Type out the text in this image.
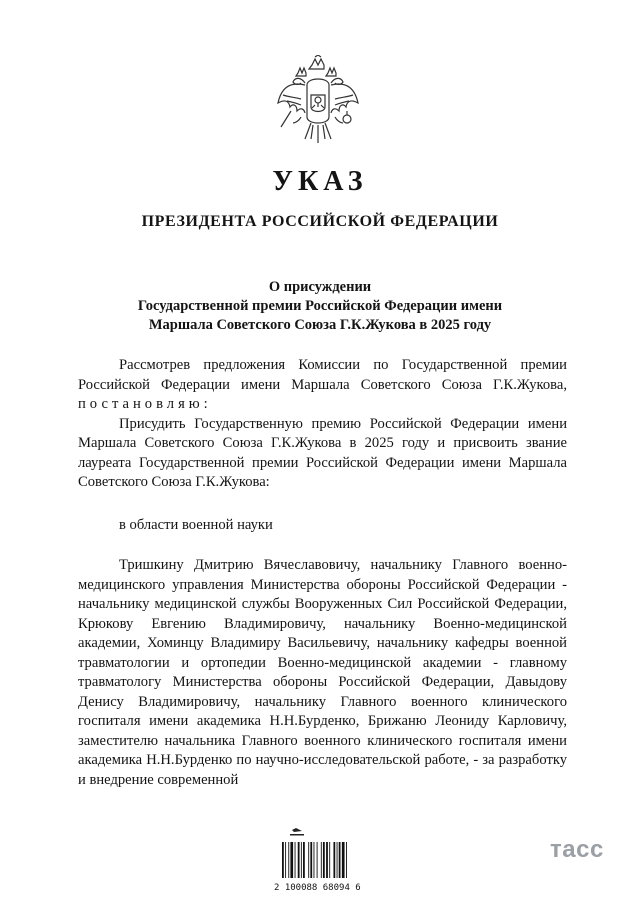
УКАЗ
ПРЕЗИДЕНТА РОССИЙСКОЙ ФЕДЕРАЦИИ
О присуждении
Государственной премии Российской Федерации имени
Маршала Советского Союза Г.К.Жукова в 2025 году

Рассмотрев предложения Комиссии по Государственной премии Российской Федерации имени Маршала Советского Союза Г.К.Жукова, постановляю:

Присудить Государственную премию Российской Федерации имени Маршала Советского Союза Г.К.Жукова в 2025 году и присвоить звание лауреата Государственной премии Российской Федерации имени Маршала Советского Союза Г.К.Жукова:

в области военной науки

Тришкину Дмитрию Вячеславовичу, начальнику Главного военно-медицинского управления Министерства обороны Российской Федерации - начальнику медицинской службы Вооруженных Сил Российской Федерации, Крюкову Евгению Владимировичу, начальнику Военно-медицинской академии, Хоминцу Владимиру Васильевичу, начальнику кафедры военной травматологии и ортопедии Военно-медицинской академии - главному травматологу Министерства обороны Российской Федерации, Давыдову Денису Владимировичу, начальнику Главного военного клинического госпиталя имени академика Н.Н.Бурденко, Брижаню Леониду Карловичу, заместителю начальника Главного военного клинического госпиталя имени академика Н.Н.Бурденко по научно-исследовательской работе, - за разработку и внедрение современной

2 100088 68094 6
тасс
